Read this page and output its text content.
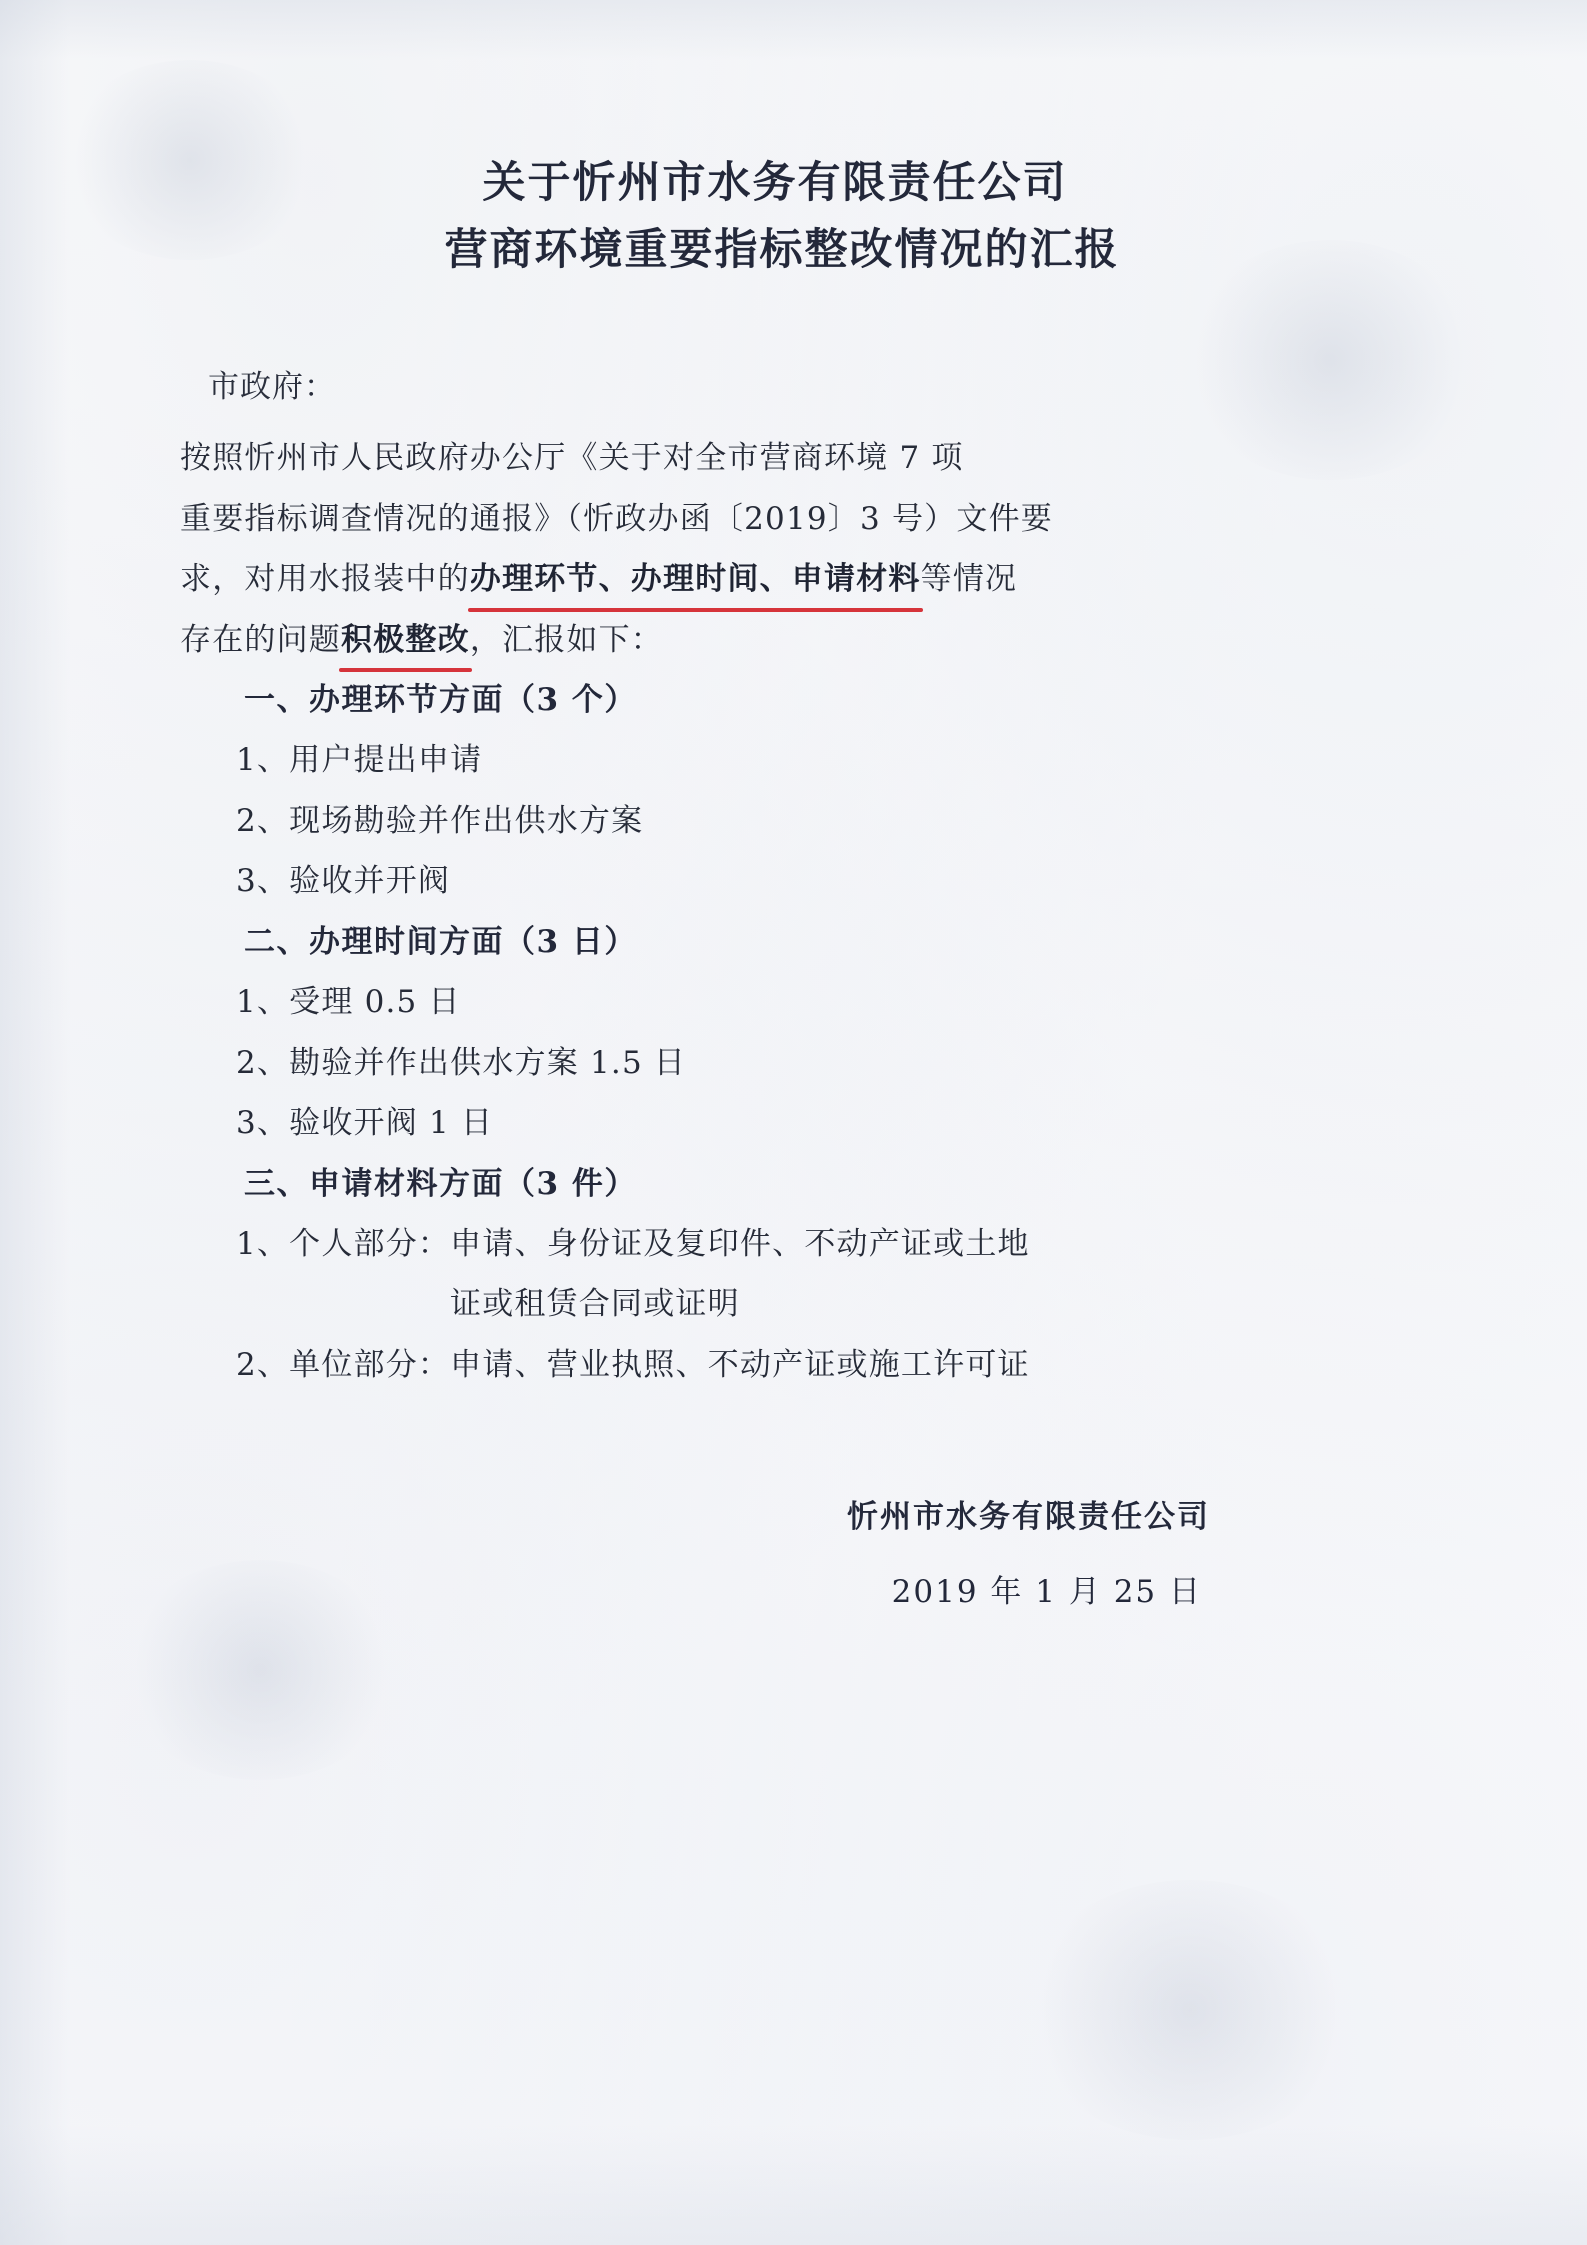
关于忻州市水务有限责任公司
营商环境重要指标整改情况的汇报
市政府：
按照忻州市人民政府办公厅《关于对全市营商环境 7 项
重要指标调查情况的通报》（忻政办函〔2019〕3 号）文件要
求，对用水报装中的办理环节、办理时间、申请材料等情况
存在的问题积极整改，汇报如下：
一、办理环节方面（3 个）
1、用户提出申请
2、现场勘验并作出供水方案
3、验收并开阀
二、办理时间方面（3 日）
1、受理 0.5 日
2、勘验并作出供水方案 1.5 日
3、验收开阀 1 日
三、申请材料方面（3 件）
1、个人部分：申请、身份证及复印件、不动产证或土地
证或租赁合同或证明
2、单位部分：申请、营业执照、不动产证或施工许可证
忻州市水务有限责任公司
2019 年 1 月 25 日
